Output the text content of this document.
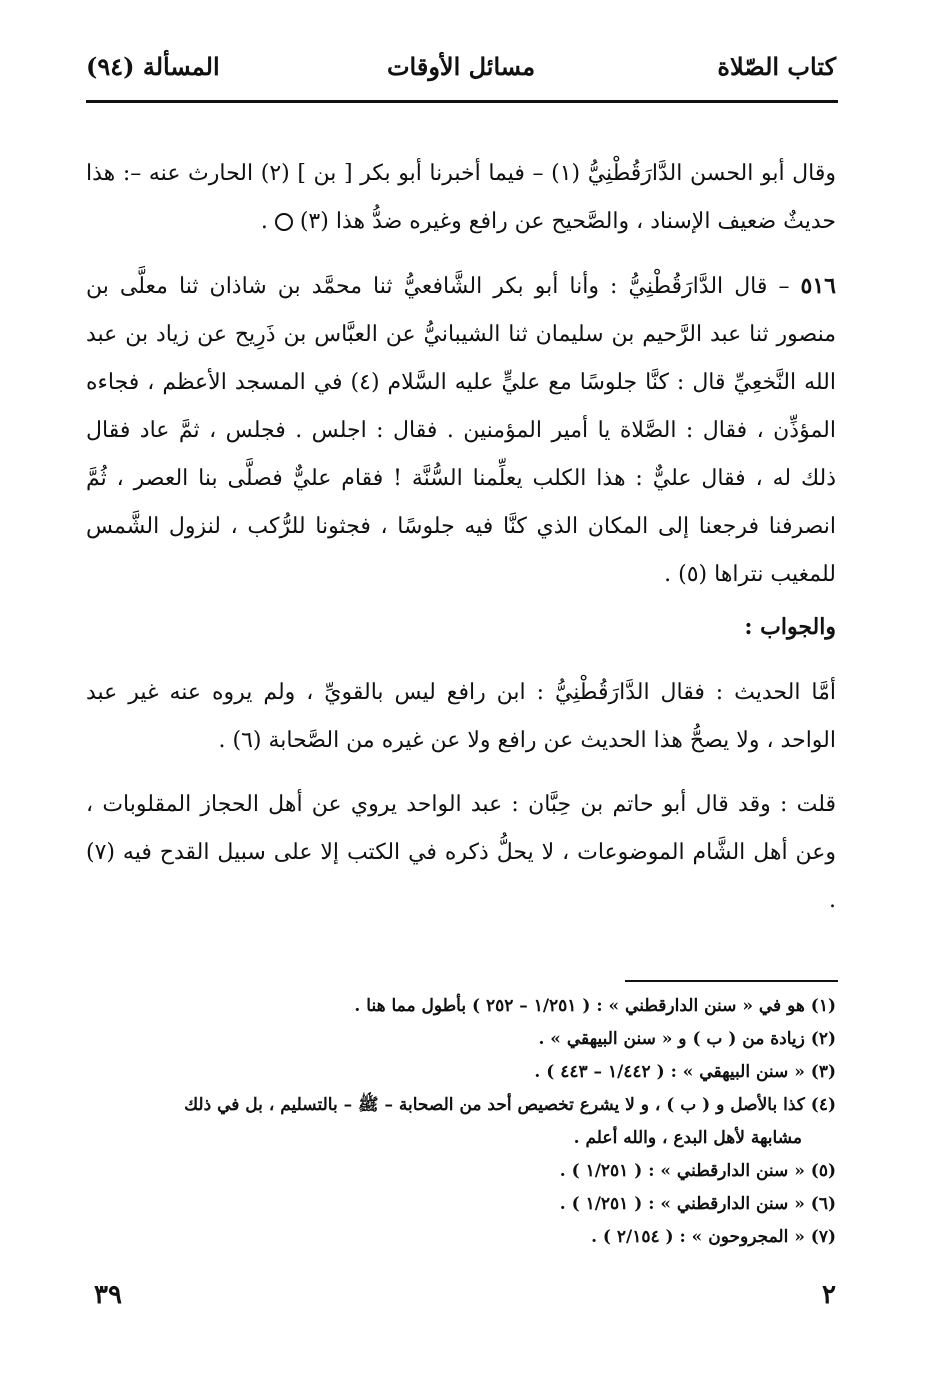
كتاب الصّلاة
مسائل الأوقات
المسألة (٩٤)

وقال أبو الحسن الدَّارَقُطْنِيُّ (١) – فيما أخبرنا أبو بكر [ بن ] (٢) الحارث عنه –: هذا حديثٌ ضعيف الإسناد ، والصَّحيح عن رافع وغيره ضدُّ هذا (٣)  .

٥١٦ – قال الدَّارَقُطْنِيُّ : وأنا أبو بكر الشَّافعيُّ ثنا محمَّد بن شاذان ثنا معلَّى بن منصور ثنا عبد الرَّحيم بن سليمان ثنا الشيبانيُّ عن العبَّاس بن ذَرِيح عن زياد بن عبد الله النَّخعِيِّ قال : كنَّا جلوسًا مع عليٍّ عليه السَّلام (٤) في المسجد الأعظم ، فجاءه المؤذِّن ، فقال : الصَّلاة يا أمير المؤمنين . فقال : اجلس . فجلس ، ثمَّ عاد فقال ذلك له ، فقال عليٌّ : هذا الكلب يعلِّمنا السُّنَّة ! فقام عليٌّ فصلَّى بنا العصر ، ثُمَّ انصرفنا فرجعنا إلى المكان الذي كنَّا فيه جلوسًا ، فجثونا للرُّكب ، لنزول الشَّمس للمغيب نتراها (٥) .

والجواب :

أمَّا الحديث : فقال الدَّارَقُطْنِيُّ : ابن رافع ليس بالقويِّ ، ولم يروه عنه غير عبد الواحد ، ولا يصحُّ هذا الحديث عن رافع ولا عن غيره من الصَّحابة (٦) .

قلت : وقد قال أبو حاتم بن حِبَّان : عبد الواحد يروي عن أهل الحجاز المقلوبات ، وعن أهل الشَّام الموضوعات ، لا يحلُّ ذكره في الكتب إلا على سبيل القدح فيه (٧) .

(١) هو في « سنن الدارقطني » : ( ١/٢٥١ – ٢٥٢ ) بأطول مما هنا .

(٢) زيادة من ( ب ) و « سنن البيهقي » .

(٣) « سنن البيهقي » : ( ١/٤٤٢ – ٤٤٣ ) .

(٤) كذا بالأصل و ( ب ) ، و لا يشرع تخصيص أحد من الصحابة – ﷺ – بالتسليم ، بل في ذلك

مشابهة لأهل البدع ، والله أعلم .

(٥) « سنن الدارقطني » : ( ١/٢٥١ ) .

(٦) « سنن الدارقطني » : ( ١/٢٥١ ) .

(٧) « المجروحون » : ( ٢/١٥٤ ) .

٢
٣٩
